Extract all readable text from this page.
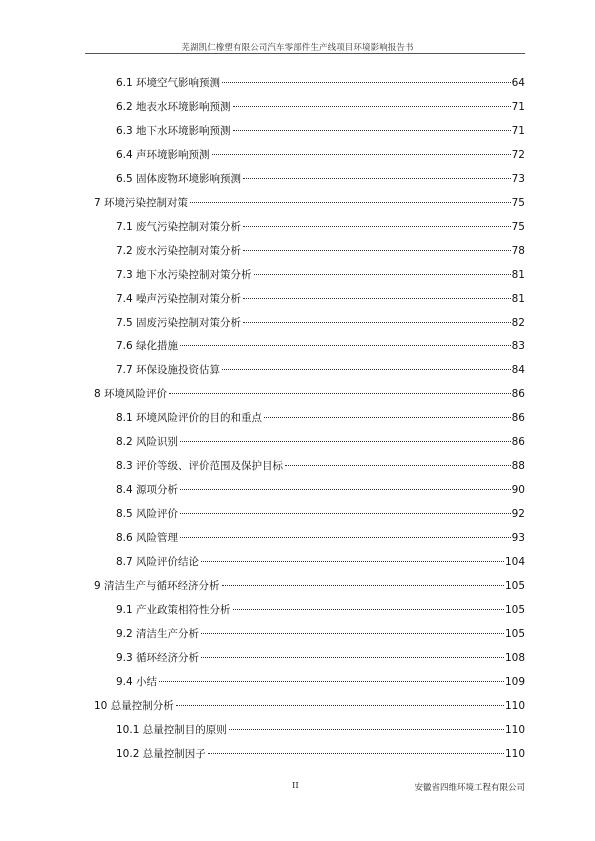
芜湖凯仁橡塑有限公司汽车零部件生产线项目环境影响报告书
6.1 环境空气影响预测	64
6.2 地表水环境影响预测	71
6.3 地下水环境影响预测	71
6.4 声环境影响预测	72
6.5 固体废物环境影响预测	73
7 环境污染控制对策	75
7.1 废气污染控制对策分析	75
7.2 废水污染控制对策分析	78
7.3 地下水污染控制对策分析	81
7.4 噪声污染控制对策分析	81
7.5 固废污染控制对策分析	82
7.6 绿化措施	83
7.7 环保设施投资估算	84
8 环境风险评价	86
8.1 环境风险评价的目的和重点	86
8.2 风险识别	86
8.3 评价等级、评价范围及保护目标	88
8.4 源项分析	90
8.5 风险评价	92
8.6 风险管理	93
8.7 风险评价结论	104
9 清洁生产与循环经济分析	105
9.1 产业政策相符性分析	105
9.2 清洁生产分析	105
9.3 循环经济分析	108
9.4 小结	109
10 总量控制分析	110
10.1 总量控制目的原则	110
10.2 总量控制因子	110
II	安徽省四维环境工程有限公司
